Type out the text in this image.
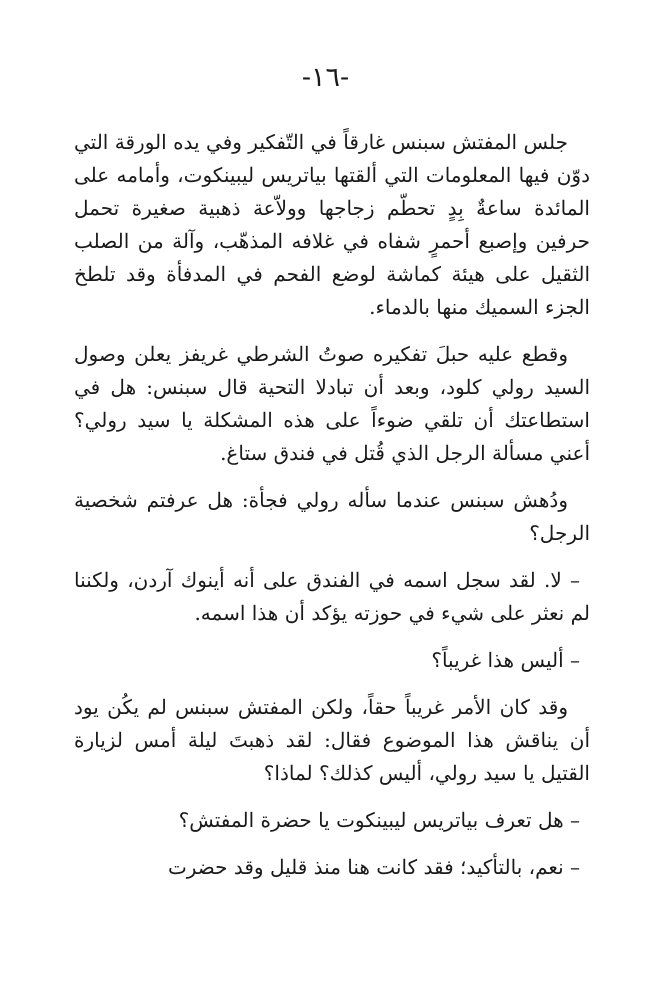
-١٦-

جلس المفتش سبنس غارقاً في التّفكير وفي يده الورقة التي دوّن فيها المعلومات التي ألقتها بياتريس ليبينكوت، وأمامه على المائدة ساعةٌ بِدٍ تحطّم زجاجها وولاّعة ذهبية صغيرة تحمل حرفين وإصبع أحمرٍ شفاه في غلافه المذهّب، وآلة من الصلب الثقيل على هيئة كماشة لوضع الفحم في المدفأة وقد تلطخ الجزء السميك منها بالدماء.

وقطع عليه حبلَ تفكيره صوتُ الشرطي غريفز يعلن وصول السيد رولي كلود، وبعد أن تبادلا التحية قال سبنس: هل في استطاعتك أن تلقي ضوءاً على هذه المشكلة يا سيد رولي؟ أعني مسألة الرجل الذي قُتل في فندق ستاغ.

ودُهش سبنس عندما سأله رولي فجأة: هل عرفتم شخصية الرجل؟

– لا. لقد سجل اسمه في الفندق على أنه أينوك آردن، ولكننا لم نعثر على شيء في حوزته يؤكد أن هذا اسمه.

– أليس هذا غريباً؟

وقد كان الأمر غريباً حقاً، ولكن المفتش سبنس لم يكُن يود أن يناقش هذا الموضوع فقال: لقد ذهبتَ ليلة أمس لزيارة القتيل يا سيد رولي، أليس كذلك؟ لماذا؟

– هل تعرف بياتريس ليبينكوت يا حضرة المفتش؟

– نعم، بالتأكيد؛ فقد كانت هنا منذ قليل وقد حضرت
